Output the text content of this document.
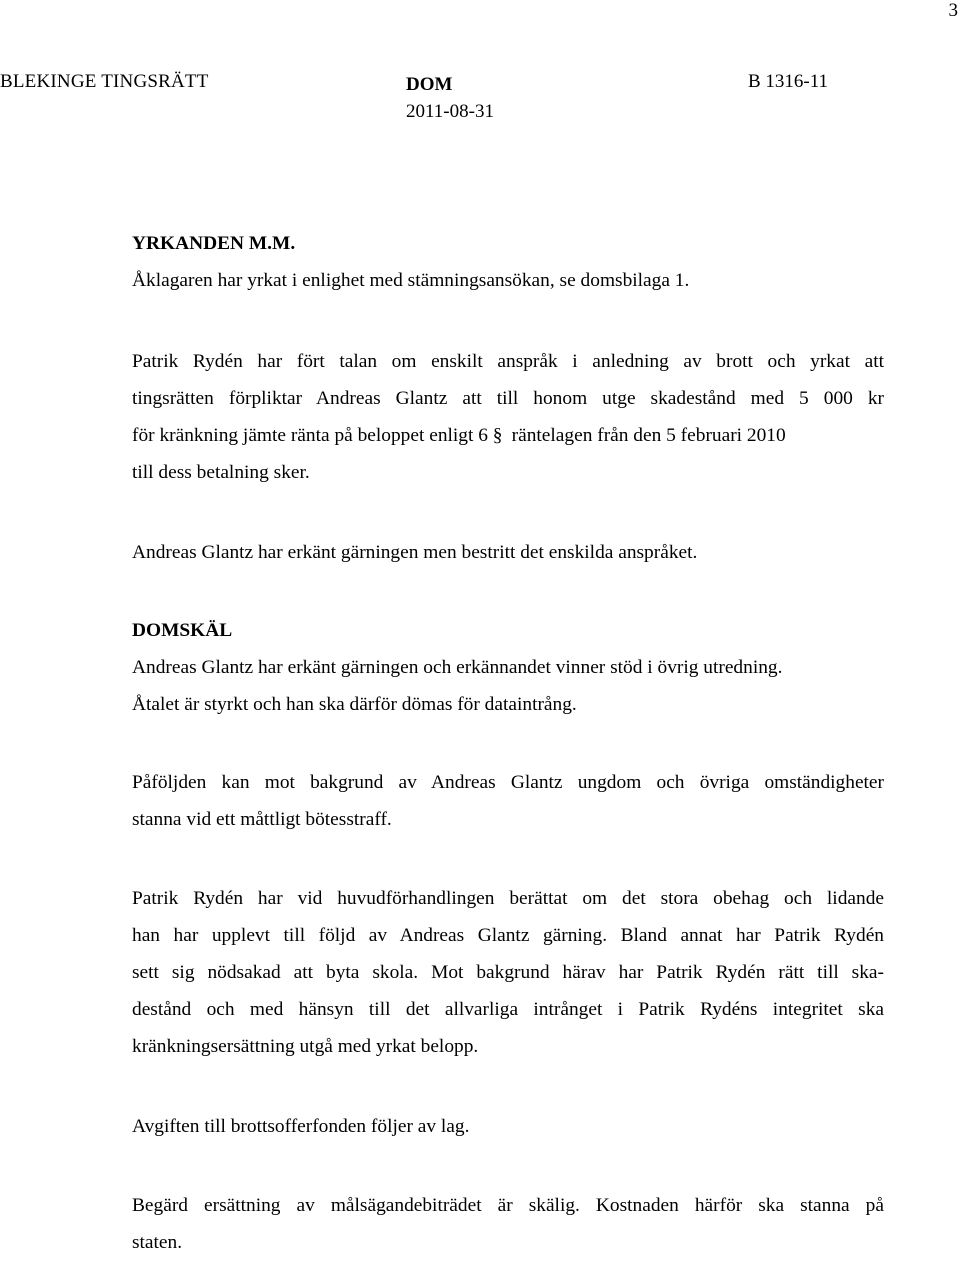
3
BLEKINGE TINGSRÄTT	DOM
2011-08-31
B 1316-11
YRKANDEN M.M.
Åklagaren har yrkat i enlighet med stämningsansökan, se domsbilaga 1.
Patrik Rydén har fört talan om enskilt anspråk i anledning av brott och yrkat att
tingsrätten förpliktar Andreas Glantz att till honom utge skadestånd med 5 000 kr
för kränkning jämte ränta på beloppet enligt 6 § räntelagen från den 5 februari 2010
till dess betalning sker.
Andreas Glantz har erkänt gärningen men bestritt det enskilda anspråket.
DOMSKÄL
Andreas Glantz har erkänt gärningen och erkännandet vinner stöd i övrig utredning.
Åtalet är styrkt och han ska därför dömas för dataintrång.
Påföljden kan mot bakgrund av Andreas Glantz ungdom och övriga omständigheter
stanna vid ett måttligt bötesstraff.
Patrik Rydén har vid huvudförhandlingen berättat om det stora obehag och lidande
han har upplevt till följd av Andreas Glantz gärning. Bland annat har Patrik Rydén
sett sig nödsakad att byta skola. Mot bakgrund härav har Patrik Rydén rätt till ska-
destånd och med hänsyn till det allvarliga intrånget i Patrik Rydéns integritet ska
kränkningsersättning utgå med yrkat belopp.
Avgiften till brottsofferfonden följer av lag.
Begärd ersättning av målsägandebiträdet är skälig. Kostnaden härför ska stanna på
staten.
